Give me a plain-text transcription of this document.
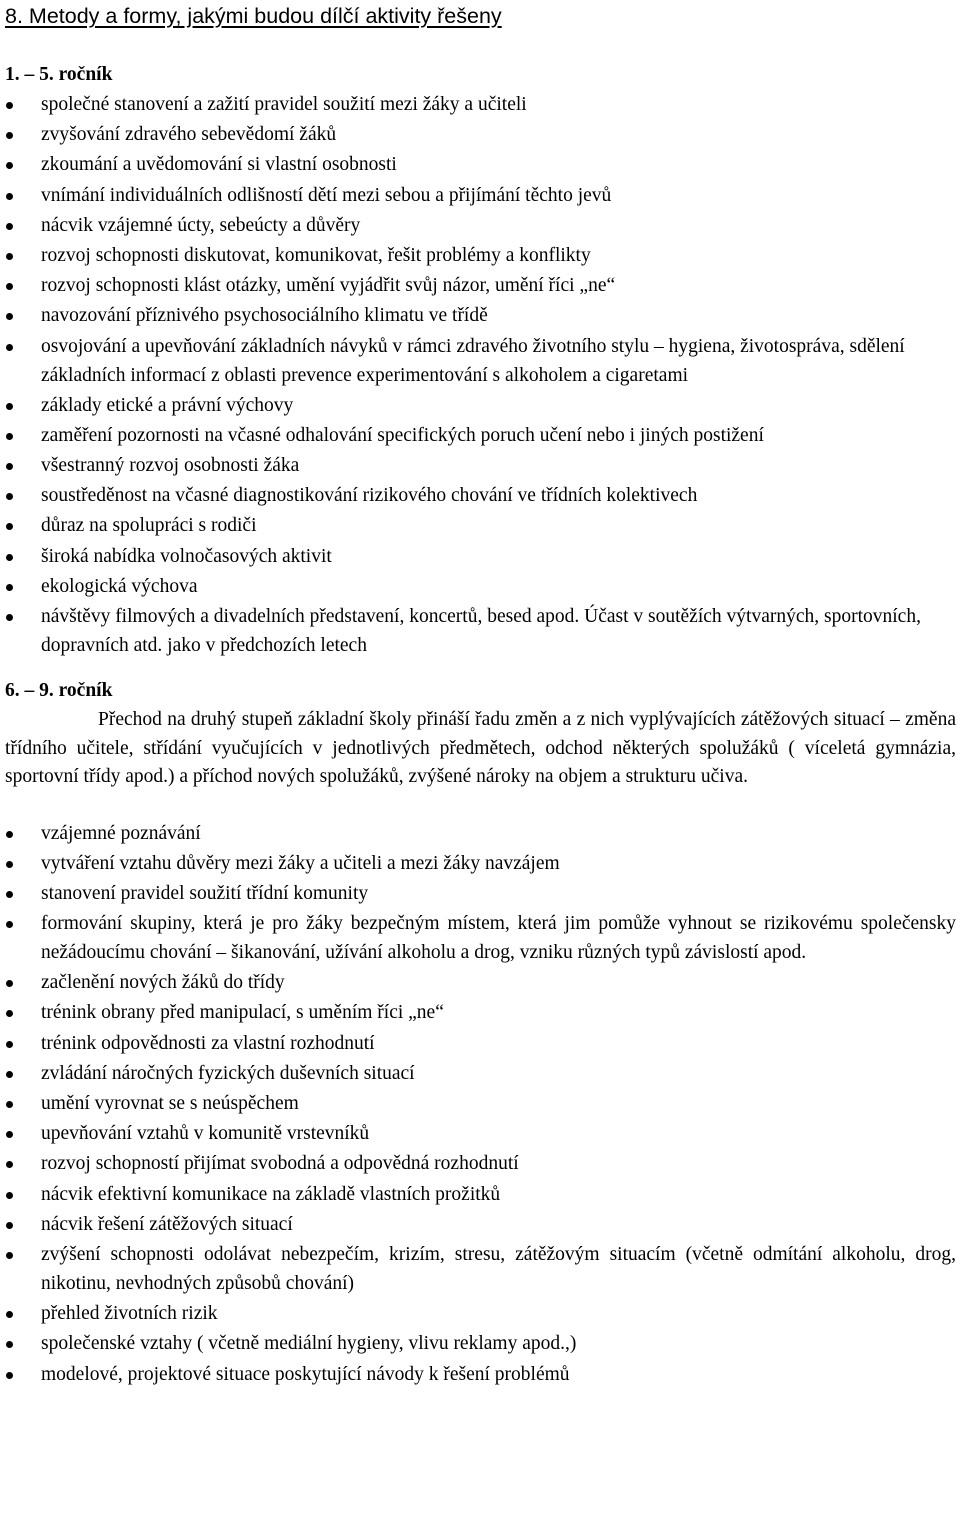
8. Metody a formy, jakými budou dílčí aktivity řešeny
1. – 5. ročník
společné stanovení a zažití pravidel soužití mezi žáky a učiteli
zvyšování zdravého sebevědomí žáků
zkoumání a uvědomování si vlastní osobnosti
vnímání individuálních odlišností dětí mezi sebou a přijímání těchto jevů
nácvik vzájemné úcty, sebeúcty a důvěry
rozvoj schopnosti diskutovat, komunikovat, řešit problémy a konflikty
rozvoj schopnosti klást otázky, umění vyjádřit svůj názor, umění říci „ne“
navozování příznivého psychosociálního klimatu ve třídě
osvojování a upevňování základních návyků v rámci zdravého životního stylu – hygiena, životospráva, sdělení základních informací z oblasti prevence experimentování s alkoholem a cigaretami
základy etické a právní výchovy
zaměření pozornosti na včasné odhalování specifických poruch učení nebo i jiných postižení
všestranný rozvoj osobnosti žáka
soustředěnost na včasné diagnostikování rizikového chování ve třídních kolektivech
důraz na spolupráci s rodiči
široká nabídka volnočasových aktivit
ekologická výchova
návštěvy filmových a divadelních představení, koncertů, besed apod. Účast v soutěžích výtvarných, sportovních, dopravních atd. jako v předchozích letech
6. – 9. ročník

Přechod na druhý stupeň základní školy přináší řadu změn a z nich vyplývajících zátěžových situací – změna třídního učitele, střídání vyučujících v jednotlivých předmětech, odchod některých spolužáků ( víceletá gymnázia, sportovní třídy apod.) a příchod nových spolužáků, zvýšené nároky na objem a strukturu učiva.

vzájemné poznávání
vytváření vztahu důvěry mezi žáky a učiteli a mezi žáky navzájem
stanovení pravidel soužití třídní komunity
formování skupiny, která je pro žáky bezpečným místem, která jim pomůže vyhnout se rizikovému společensky nežádoucímu chování – šikanování, užívání alkoholu a drog, vzniku různých typů závislostí apod.
začlenění nových žáků do třídy
trénink obrany před manipulací, s uměním říci „ne“
trénink odpovědnosti za vlastní rozhodnutí
zvládání náročných fyzických duševních situací
umění vyrovnat se s neúspěchem
upevňování vztahů v komunitě vrstevníků
rozvoj schopností přijímat svobodná a odpovědná rozhodnutí
nácvik efektivní komunikace na základě vlastních prožitků
nácvik řešení zátěžových situací
zvýšení schopnosti odolávat nebezpečím, krizím, stresu, zátěžovým situacím (včetně odmítání alkoholu, drog, nikotinu, nevhodných způsobů chování)
přehled životních rizik
společenské vztahy ( včetně mediální hygieny, vlivu reklamy apod.,)
modelové, projektové situace poskytující návody k řešení problémů
